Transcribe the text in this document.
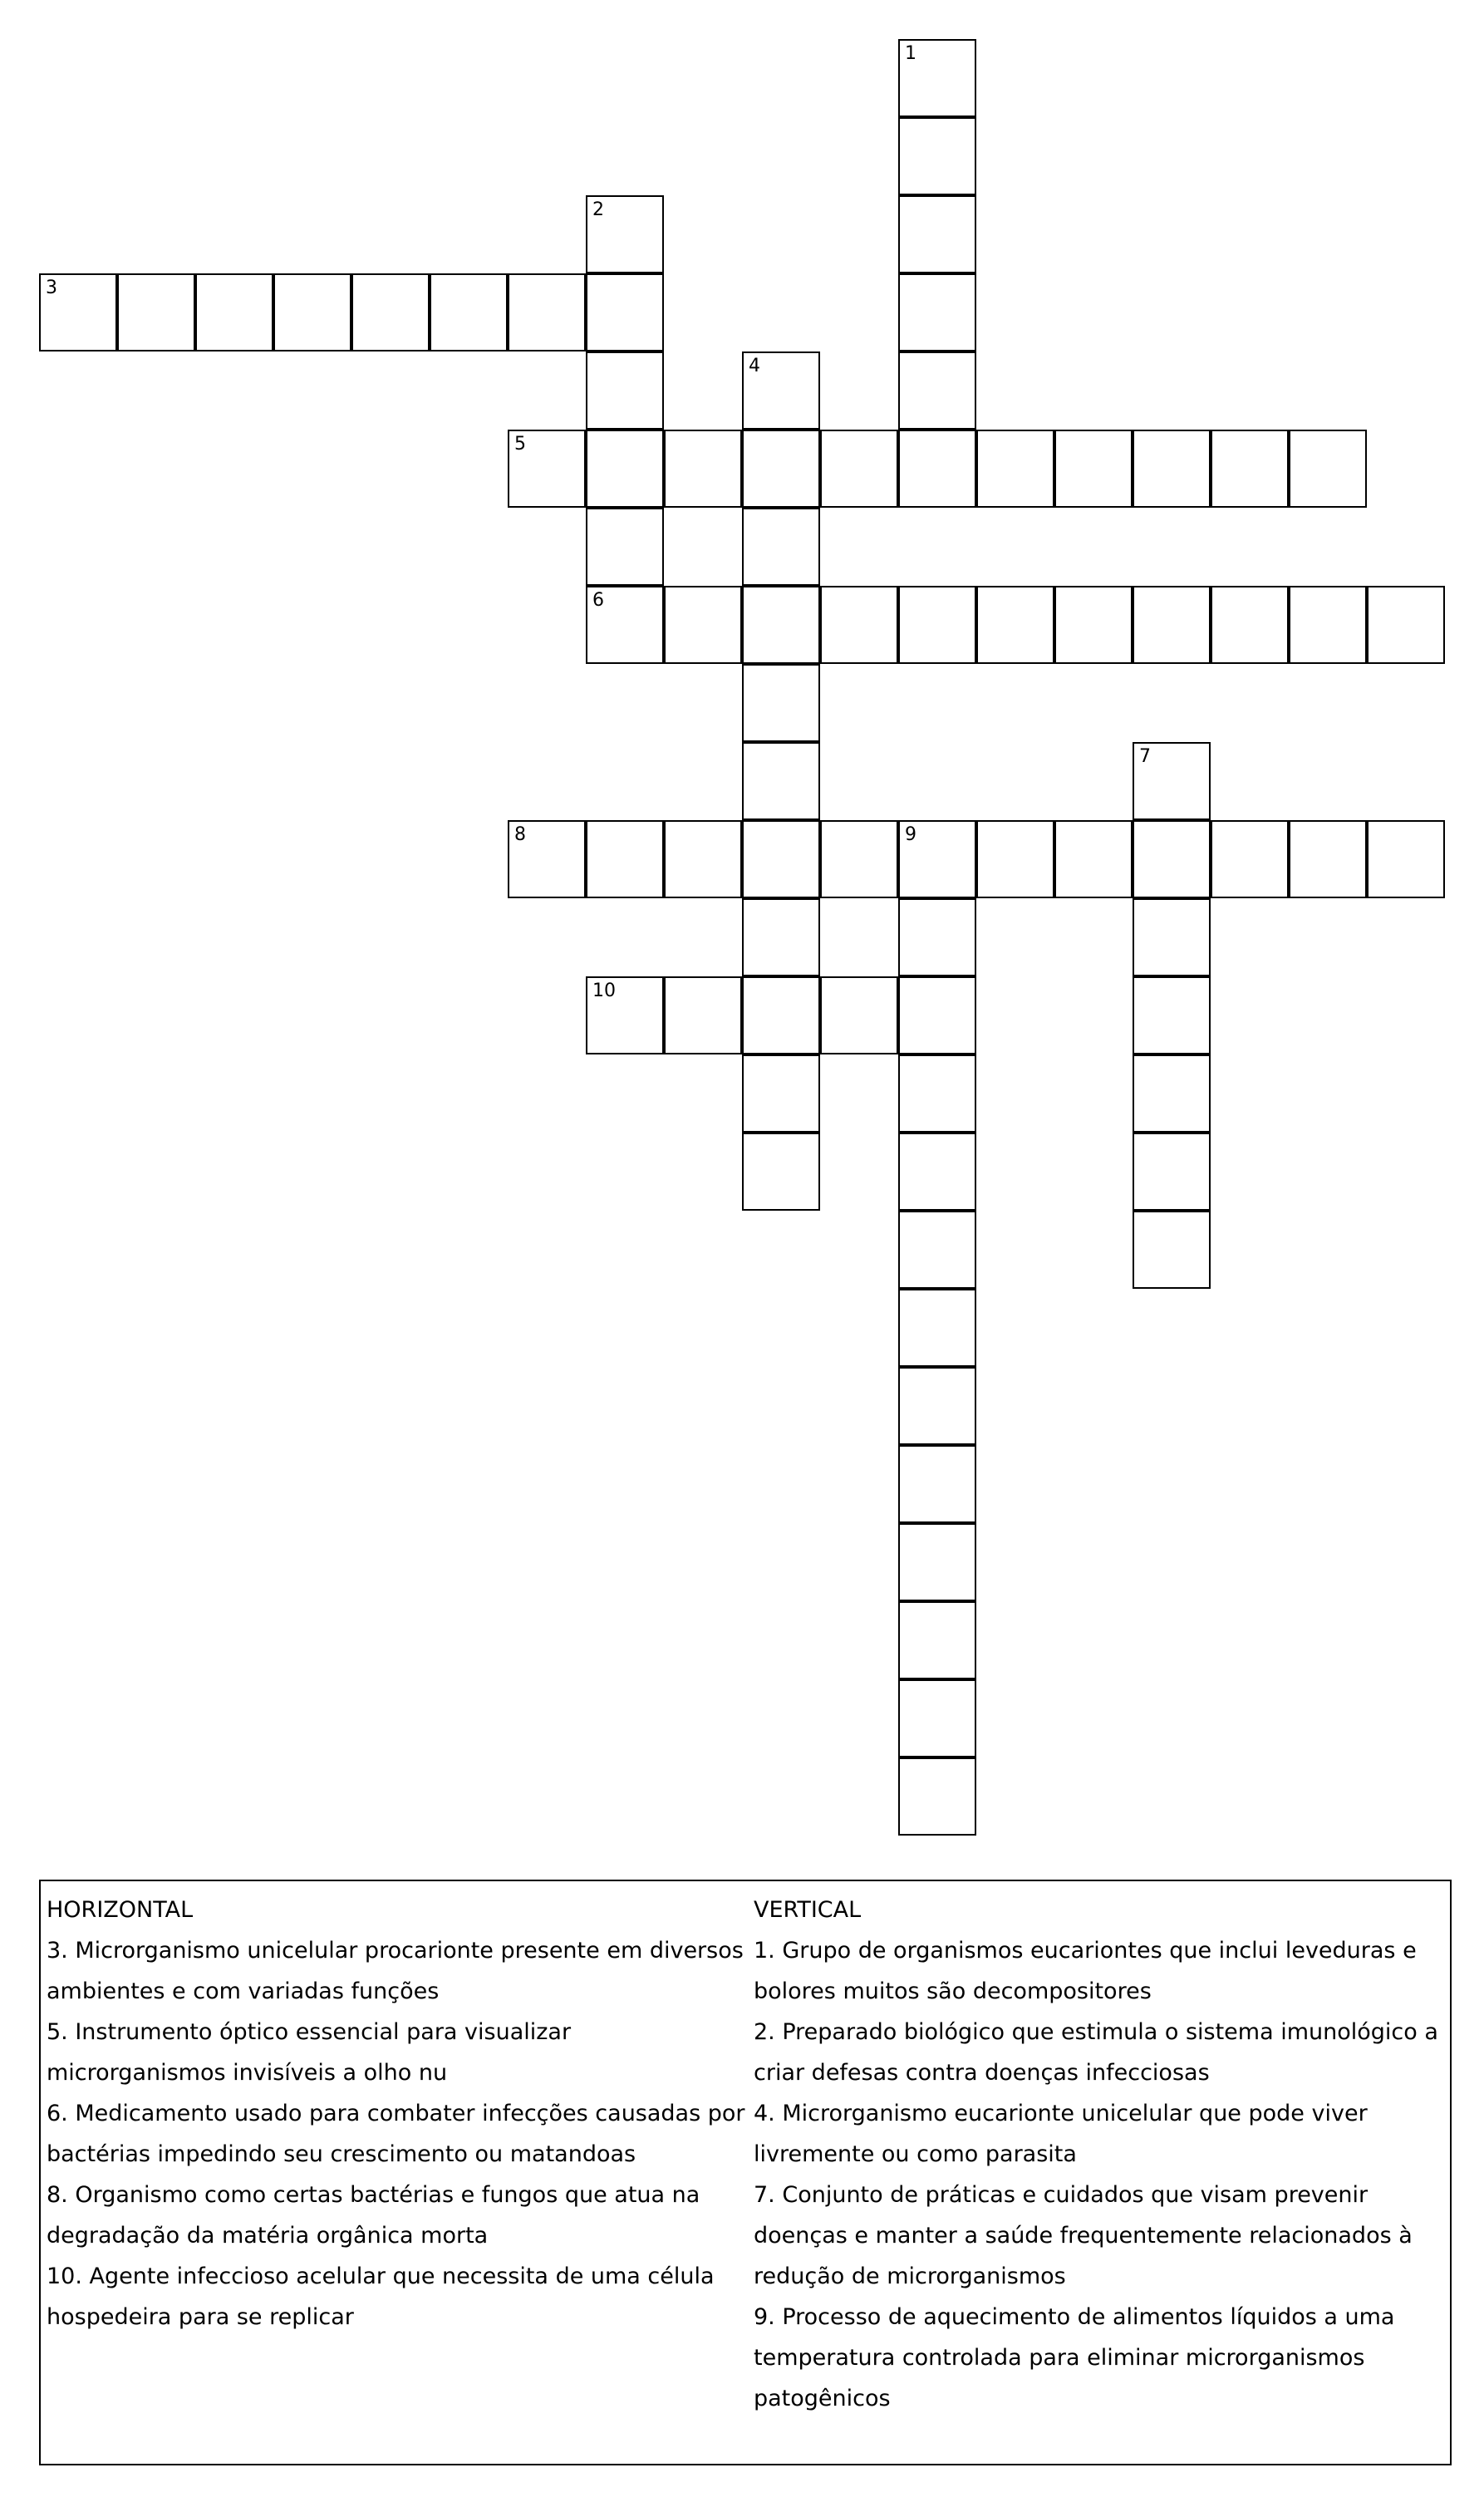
1
2
3
4
5
6
7
8	9
10
HORIZONTAL
3. Microrganismo unicelular procarionte presente em diversos ambientes e com variadas funções
5. Instrumento óptico essencial para visualizar microrganismos invisíveis a olho nu
6. Medicamento usado para combater infecções causadas por bactérias impedindo seu crescimento ou matandoas
8. Organismo como certas bactérias e fungos que atua na degradação da matéria orgânica morta
10. Agente infeccioso acelular que necessita de uma célula hospedeira para se replicar
VERTICAL
1. Grupo de organismos eucariontes que inclui leveduras e bolores muitos são decompositores
2. Preparado biológico que estimula o sistema imunológico a criar defesas contra doenças infecciosas
4. Microrganismo eucarionte unicelular que pode viver livremente ou como parasita
7. Conjunto de práticas e cuidados que visam prevenir doenças e manter a saúde frequentemente relacionados à redução de microrganismos
9. Processo de aquecimento de alimentos líquidos a uma temperatura controlada para eliminar microrganismos patogênicos
